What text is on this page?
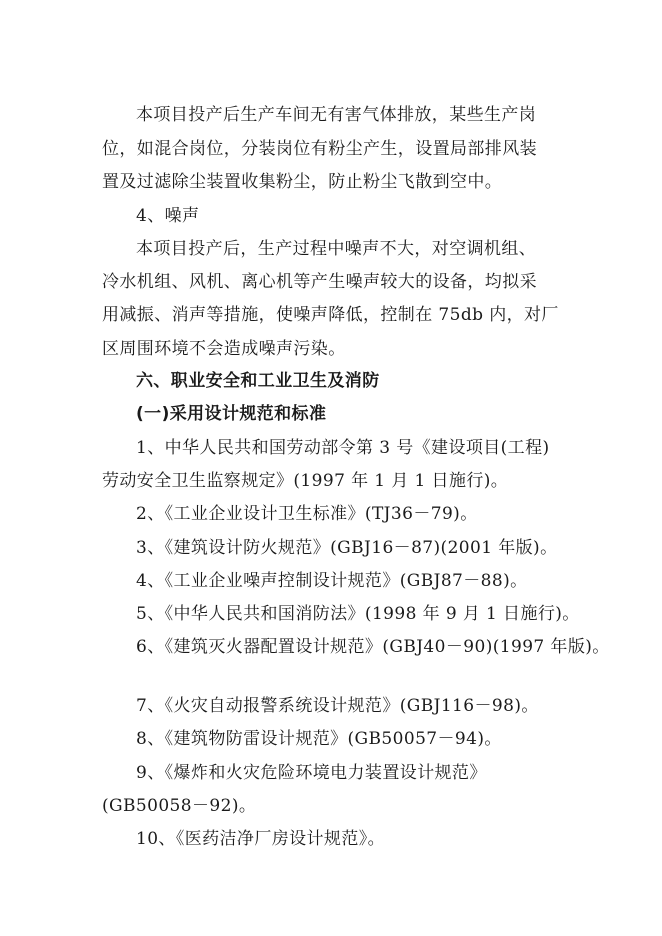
本项目投产后生产车间无有害气体排放，某些生产岗
位，如混合岗位，分装岗位有粉尘产生，设置局部排风装
置及过滤除尘装置收集粉尘，防止粉尘飞散到空中。
4、噪声
本项目投产后，生产过程中噪声不大，对空调机组、
冷水机组、风机、离心机等产生噪声较大的设备，均拟采
用减振、消声等措施，使噪声降低，控制在 75db 内，对厂
区周围环境不会造成噪声污染。
六、职业安全和工业卫生及消防
(一)采用设计规范和标准
1、中华人民共和国劳动部令第 3 号《建设项目(工程)
劳动安全卫生监察规定》(1997 年 1 月 1 日施行)。
2、《工业企业设计卫生标准》(TJ36－79)。
3、《建筑设计防火规范》(GBJ16－87)(2001 年版)。
4、《工业企业噪声控制设计规范》(GBJ87－88)。
5、《中华人民共和国消防法》(1998 年 9 月 1 日施行)。
6、《建筑灭火器配置设计规范》(GBJ40－90)(1997 年版)。
7、《火灾自动报警系统设计规范》(GBJ116－98)。
8、《建筑物防雷设计规范》(GB50057－94)。
9、《爆炸和火灾危险环境电力装置设计规范》
(GB50058－92)。
10、《医药洁净厂房设计规范》。
